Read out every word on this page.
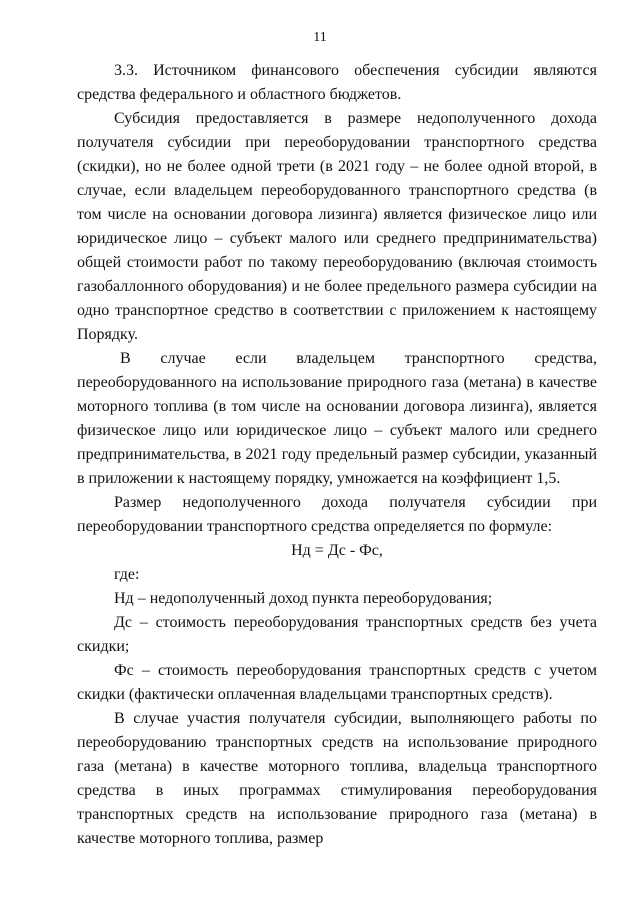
11

3.3. Источником финансового обеспечения субсидии являются средства федерального и областного бюджетов.

Субсидия предоставляется в размере недополученного дохода получателя субсидии при переоборудовании транспортного средства (скидки), но не более одной трети (в 2021 году – не более одной второй, в случае, если владельцем переоборудованного транспортного средства (в том числе на основании договора лизинга) является физическое лицо или юридическое лицо – субъект малого или среднего предпринимательства) общей стоимости работ по такому переоборудованию (включая стоимость газобаллонного оборудования) и не более предельного размера субсидии на одно транспортное средство в соответствии с приложением к настоящему Порядку.

В случае если владельцем транспортного средства, переоборудованного на использование природного газа (метана) в качестве моторного топлива (в том числе на основании договора лизинга), является физическое лицо или юридическое лицо – субъект малого или среднего предпринимательства, в 2021 году предельный размер субсидии, указанный в приложении к настоящему порядку, умножается на коэффициент 1,5.

Размер недополученного дохода получателя субсидии при переоборудовании транспортного средства определяется по формуле:

Нд = Дс - Фс,

где:

Нд – недополученный доход пункта переоборудования;

Дс – стоимость переоборудования транспортных средств без учета скидки;

Фс – стоимость переоборудования транспортных средств с учетом скидки (фактически оплаченная владельцами транспортных средств).

В случае участия получателя субсидии, выполняющего работы по переоборудованию транспортных средств на использование природного газа (метана) в качестве моторного топлива, владельца транспортного средства в иных программах стимулирования переоборудования транспортных средств на использование природного газа (метана) в качестве моторного топлива, размер
